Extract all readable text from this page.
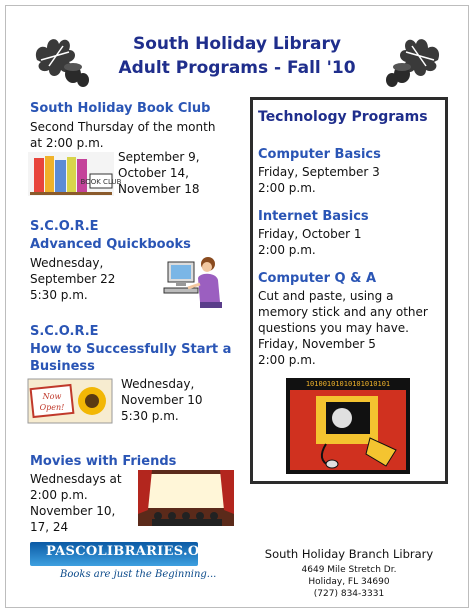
South Holiday Library
Adult Programs - Fall '10
South Holiday Book Club
Second Thursday of the month
at 2:00 p.m.
BOOK CLUB
September 9,
October 14,
November 18
S.C.O.R.E
Advanced Quickbooks
Wednesday,
September 22
5:30 p.m.
S.C.O.R.E
How to Successfully Start a
Business
Now
Open!
Wednesday,
November 10
5:30 p.m.
Movies with Friends
Wednesdays at
2:00 p.m.
November 10,
17, 24
Technology Programs
Computer Basics
Friday, September 3
2:00 p.m.
Internet Basics
Friday, October 1
2:00 p.m.
Computer Q & A
Cut and paste, using a
memory stick and any other
questions you may have.
Friday, November 5
2:00 p.m.
10100101010101010101
PASCOLIBRARIES.ORG
Books are just the Beginning...
South Holiday Branch Library
4649 Mile Stretch Dr.
Holiday, FL 34690
(727) 834-3331
